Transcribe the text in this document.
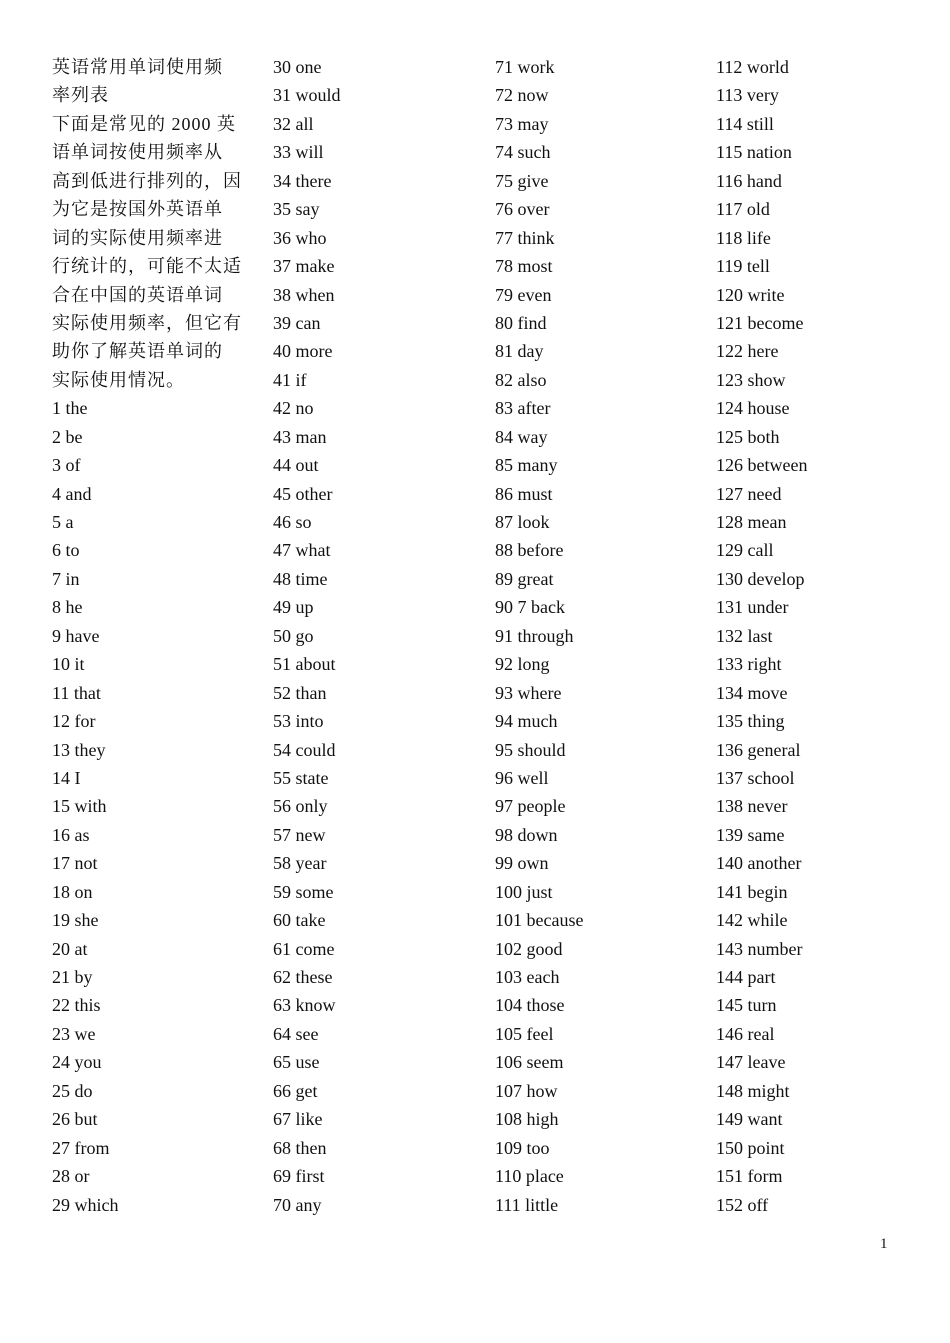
英语常用单词使用频
率列表
下面是常见的 2000 英
语单词按使用频率从
高到低进行排列的，因
为它是按国外英语单
词的实际使用频率进
行统计的，可能不太适
合在中国的英语单词
实际使用频率，但它有
助你了解英语单词的
实际使用情况。
1 the
2 be
3 of
4 and
5 a
6 to
7 in
8 he
9 have
10 it
11 that
12 for
13 they
14 I
15 with
16 as
17 not
18 on
19 she
20 at
21 by
22 this
23 we
24 you
25 do
26 but
27 from
28 or
29 which
30 one
31 would
32 all
33 will
34 there
35 say
36 who
37 make
38 when
39 can
40 more
41 if
42 no
43 man
44 out
45 other
46 so
47 what
48 time
49 up
50 go
51 about
52 than
53 into
54 could
55 state
56 only
57 new
58 year
59 some
60 take
61 come
62 these
63 know
64 see
65 use
66 get
67 like
68 then
69 first
70 any
71 work
72 now
73 may
74 such
75 give
76 over
77 think
78 most
79 even
80 find
81 day
82 also
83 after
84 way
85 many
86 must
87 look
88 before
89 great
90 7 back
91 through
92 long
93 where
94 much
95 should
96 well
97 people
98 down
99 own
100 just
101 because
102 good
103 each
104 those
105 feel
106 seem
107 how
108 high
109 too
110 place
111 little
112 world
113 very
114 still
115 nation
116 hand
117 old
118 life
119 tell
120 write
121 become
122 here
123 show
124 house
125 both
126 between
127 need
128 mean
129 call
130 develop
131 under
132 last
133 right
134 move
135 thing
136 general
137 school
138 never
139 same
140 another
141 begin
142 while
143 number
144 part
145 turn
146 real
147 leave
148 might
149 want
150 point
151 form
152 off
1
